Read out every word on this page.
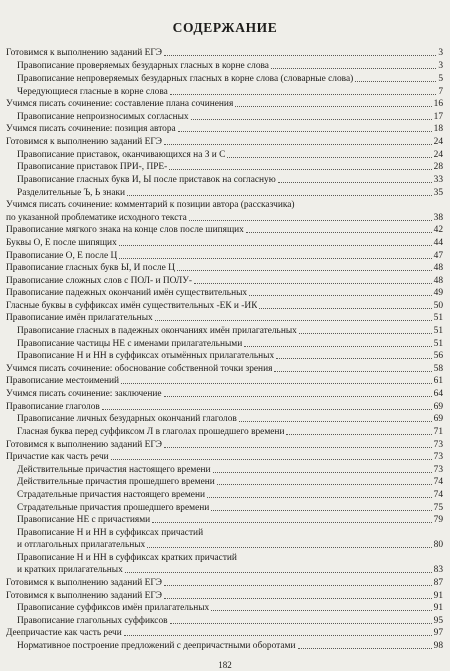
СОДЕРЖАНИЕ
Готовимся к выполнению заданий ЕГЭ	3
Правописание проверяемых безударных гласных в корне слова	3
Правописание непроверяемых безударных гласных в корне слова (словарные слова)	5
Чередующиеся гласные в корне слова	7
Учимся писать сочинение: составление плана сочинения	16
Правописание непроизносимых согласных	17
Учимся писать сочинение: позиция автора	18
Готовимся к выполнению заданий ЕГЭ	24
Правописание приставок, оканчивающихся на З и С	24
Правописание приставок ПРИ-, ПРЕ-	28
Правописание гласных букв И, Ы после приставок на согласную	33
Разделительные Ъ, Ь знаки	35
Учимся писать сочинение: комментарий к позиции автора (рассказчика)
по указанной проблематике исходного текста	38
Правописание мягкого знака на конце слов после шипящих	42
Буквы О, Ё после шипящих	44
Правописание О, Е после Ц	47
Правописание гласных букв Ы, И после Ц	48
Правописание сложных слов с ПОЛ- и ПОЛУ-	48
Правописание падежных окончаний имён существительных	49
Гласные буквы в суффиксах имён существительных -ЕК и -ИК	50
Правописание имён прилагательных	51
Правописание гласных в падежных окончаниях имён прилагательных	51
Правописание частицы НЕ с именами прилагательными	51
Правописание Н и НН в суффиксах отымённых прилагательных	56
Учимся писать сочинение: обоснование собственной точки зрения	58
Правописание местоимений	61
Учимся писать сочинение: заключение	64
Правописание глаголов	69
Правописание личных безударных окончаний глаголов	69
Гласная буква перед суффиксом Л в глаголах прошедшего времени	71
Готовимся к выполнению заданий ЕГЭ	73
Причастие как часть речи	73
Действительные причастия настоящего времени	73
Действительные причастия прошедшего времени	74
Страдательные причастия настоящего времени	74
Страдательные причастия прошедшего времени	75
Правописание НЕ с причастиями	79
Правописание Н и НН в суффиксах причастий
и отглагольных прилагательных	80
Правописание Н и НН в суффиксах кратких причастий
и кратких прилагательных	83
Готовимся к выполнению заданий ЕГЭ	87
Готовимся к выполнению заданий ЕГЭ	91
Правописание суффиксов имён прилагательных	91
Правописание глагольных суффиксов	95
Деепричастие как часть речи	97
Нормативное построение предложений с деепричастными оборотами	98
182
